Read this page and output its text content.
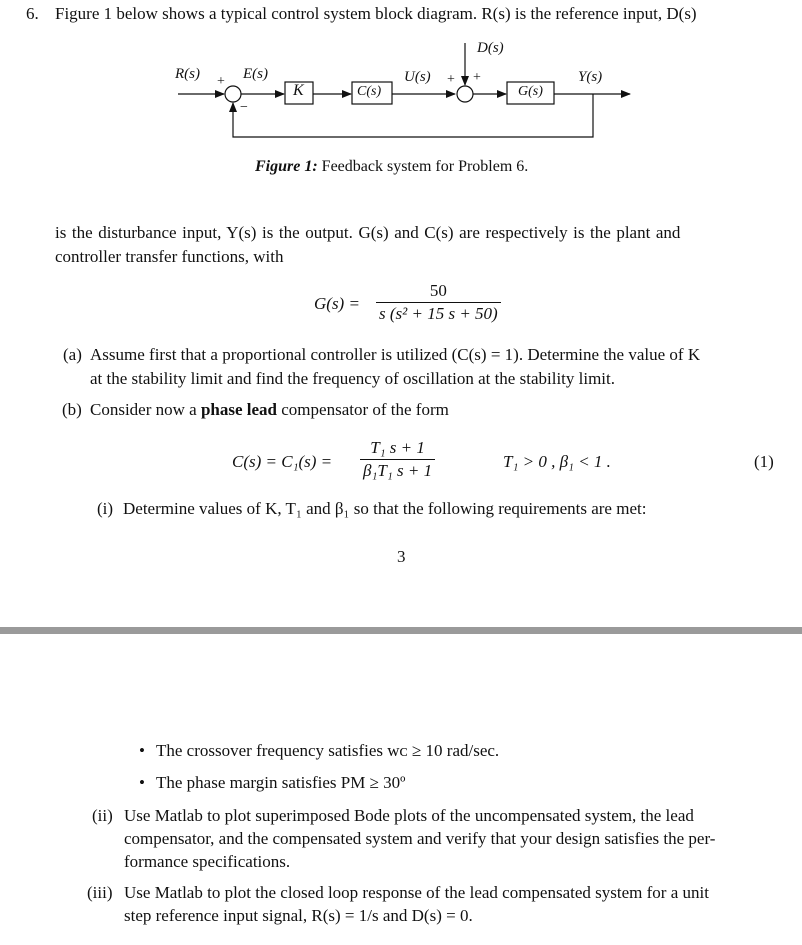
6. Figure 1 below shows a typical control system block diagram. R(s) is the reference input, D(s)
R(s) +
−
E(s)
K	C(s)
U(s) + +
D(s)
G(s)
Y(s)
Figure 1: Feedback system for Problem 6.
is the disturbance input, Y(s) is the output. G(s) and C(s) are respectively is the plant and
controller transfer functions, with
G(s) =
50
s (s² + 15 s + 50)
(a) Assume first that a proportional controller is utilized (C(s) = 1). Determine the value of K
at the stability limit and find the frequency of oscillation at the stability limit.
(b) Consider now a phase lead compensator of the form
C(s) = C₁(s) =
T₁ s + 1
β₁T₁ s + 1	T₁ > 0 , β₁ < 1 .	(1)
(i) Determine values of K, T₁ and β₁ so that the following requirements are met:
3
• The crossover frequency satisfies wᴄ ≥ 10 rad/sec.
• The phase margin satisfies PM ≥ 30º
(ii) Use Matlab to plot superimposed Bode plots of the uncompensated system, the lead
compensator, and the compensated system and verify that your design satisfies the per-
formance specifications.
(iii) Use Matlab to plot the closed loop response of the lead compensated system for a unit
step reference input signal, R(s) = 1/s and D(s) = 0.
